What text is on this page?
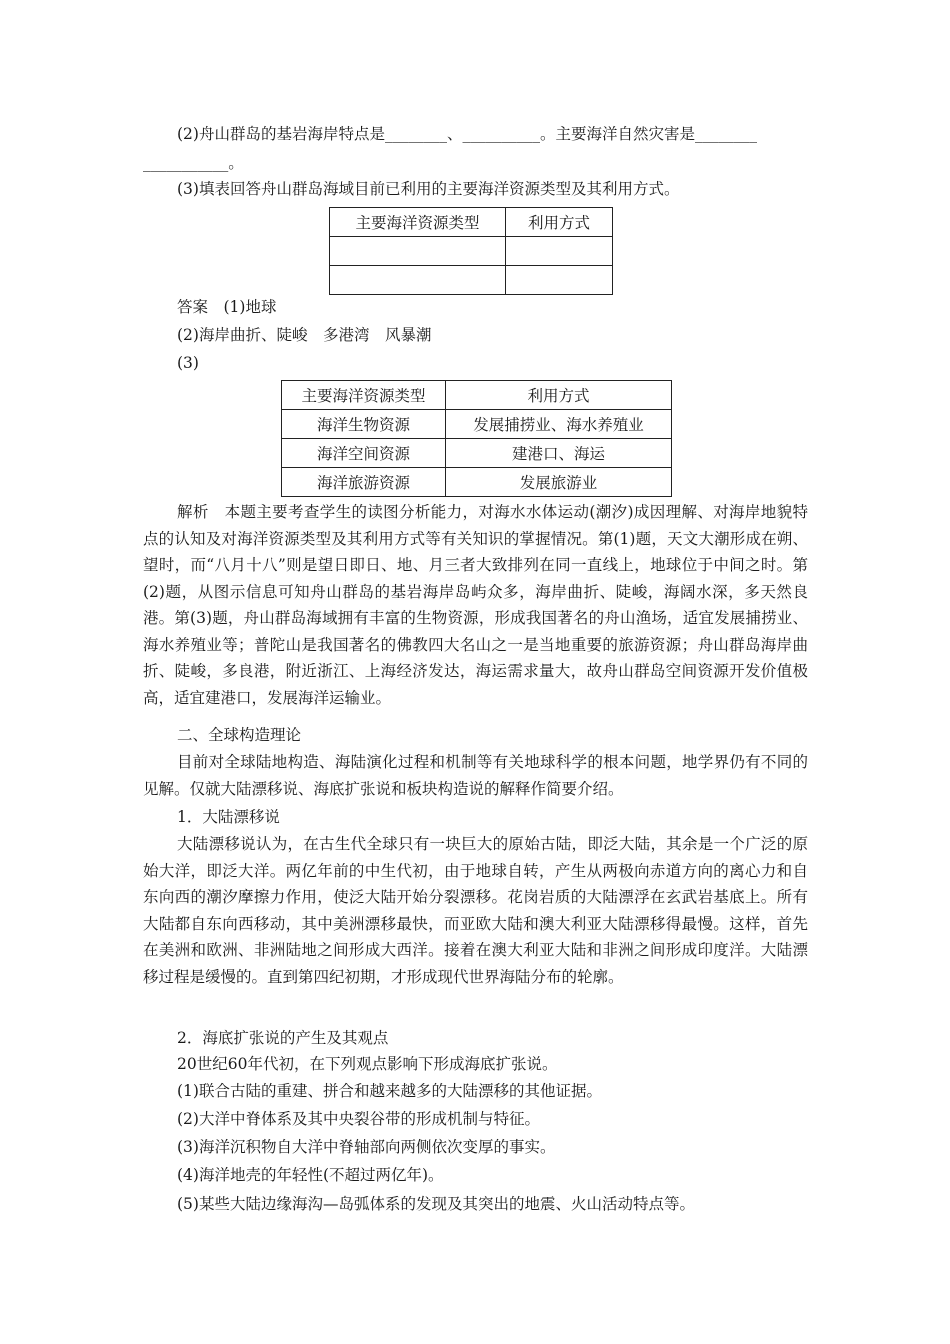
(2)舟山群岛的基岩海岸特点是________、__________。主要海洋自然灾害是________
___________。
(3)填表回答舟山群岛海域目前已利用的主要海洋资源类型及其利用方式。
主要海洋资源类型	利用方式

答案　(1)地球
(2)海岸曲折、陡峻　多港湾　风暴潮
(3)
主要海洋资源类型	利用方式
海洋生物资源	发展捕捞业、海水养殖业
海洋空间资源	建港口、海运
海洋旅游资源	发展旅游业
解析　本题主要考查学生的读图分析能力，对海水水体运动(潮汐)成因理解、对海岸地貌特点的认知及对海洋资源类型及其利用方式等有关知识的掌握情况。第(1)题，天文大潮形成在朔、望时，而“八月十八”则是望日即日、地、月三者大致排列在同一直线上，地球位于中间之时。第(2)题，从图示信息可知舟山群岛的基岩海岸岛屿众多，海岸曲折、陡峻，海阔水深，多天然良港。第(3)题，舟山群岛海域拥有丰富的生物资源，形成我国著名的舟山渔场，适宜发展捕捞业、海水养殖业等；普陀山是我国著名的佛教四大名山之一是当地重要的旅游资源；舟山群岛海岸曲折、陡峻，多良港，附近浙江、上海经济发达，海运需求量大，故舟山群岛空间资源开发价值极高，适宜建港口，发展海洋运输业。
二、全球构造理论
目前对全球陆地构造、海陆演化过程和机制等有关地球科学的根本问题，地学界仍有不同的见解。仅就大陆漂移说、海底扩张说和板块构造说的解释作简要介绍。
1．大陆漂移说
大陆漂移说认为，在古生代全球只有一块巨大的原始古陆，即泛大陆，其余是一个广泛的原始大洋，即泛大洋。两亿年前的中生代初，由于地球自转，产生从两极向赤道方向的离心力和自东向西的潮汐摩擦力作用，使泛大陆开始分裂漂移。花岗岩质的大陆漂浮在玄武岩基底上。所有大陆都自东向西移动，其中美洲漂移最快，而亚欧大陆和澳大利亚大陆漂移得最慢。这样，首先在美洲和欧洲、非洲陆地之间形成大西洋。接着在澳大利亚大陆和非洲之间形成印度洋。大陆漂移过程是缓慢的。直到第四纪初期，才形成现代世界海陆分布的轮廓。
2．海底扩张说的产生及其观点
20世纪60年代初，在下列观点影响下形成海底扩张说。
(1)联合古陆的重建、拼合和越来越多的大陆漂移的其他证据。
(2)大洋中脊体系及其中央裂谷带的形成机制与特征。
(3)海洋沉积物自大洋中脊轴部向两侧依次变厚的事实。
(4)海洋地壳的年轻性(不超过两亿年)。
(5)某些大陆边缘海沟—岛弧体系的发现及其突出的地震、火山活动特点等。
